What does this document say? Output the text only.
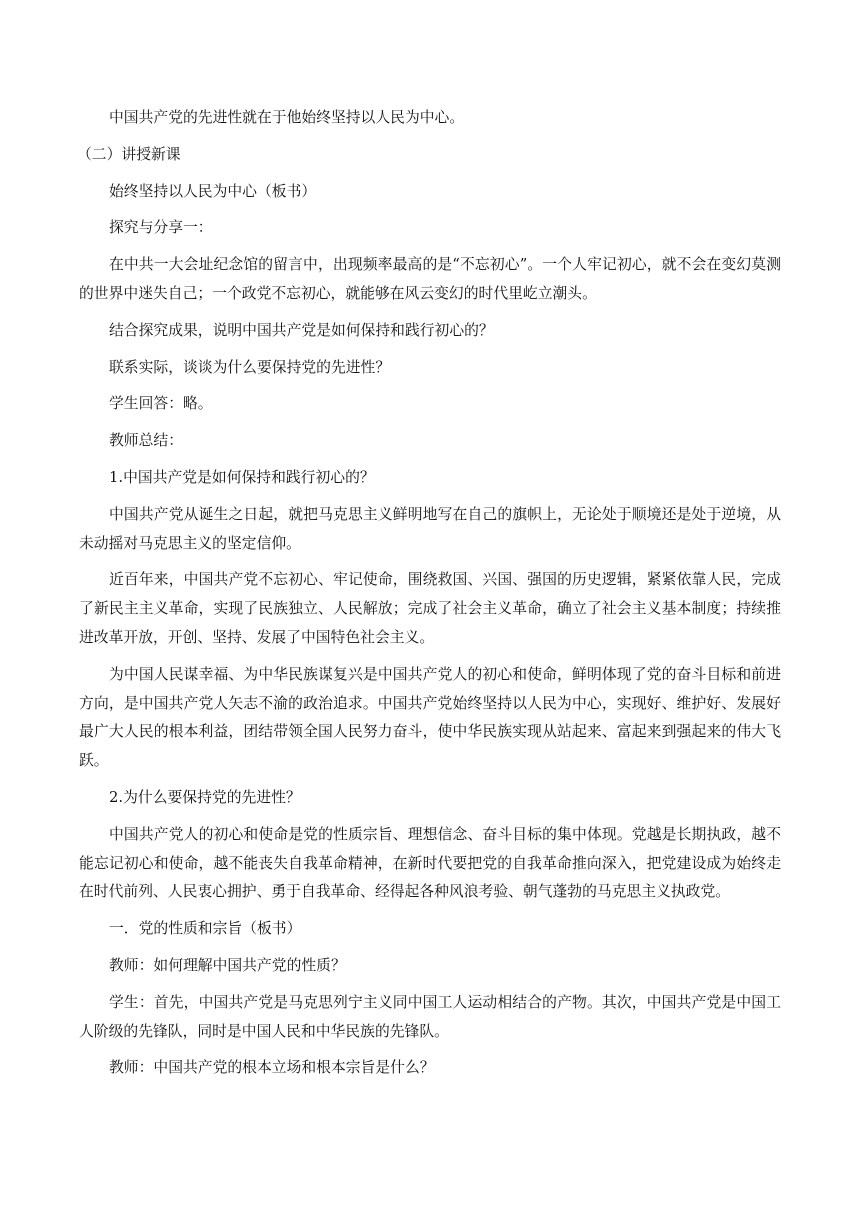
中国共产党的先进性就在于他始终坚持以人民为中心。

（二）讲授新课

始终坚持以人民为中心（板书）

探究与分享一：

在中共一大会址纪念馆的留言中，出现频率最高的是“不忘初心”。一个人牢记初心，就不会在变幻莫测的世界中迷失自己；一个政党不忘初心，就能够在风云变幻的时代里屹立潮头。

结合探究成果，说明中国共产党是如何保持和践行初心的？

联系实际，谈谈为什么要保持党的先进性？

学生回答：略。

教师总结：

1.中国共产党是如何保持和践行初心的？

中国共产党从诞生之日起，就把马克思主义鲜明地写在自己的旗帜上，无论处于顺境还是处于逆境，从未动摇对马克思主义的坚定信仰。

近百年来，中国共产党不忘初心、牢记使命，围绕救国、兴国、强国的历史逻辑，紧紧依靠人民，完成了新民主主义革命，实现了民族独立、人民解放；完成了社会主义革命，确立了社会主义基本制度；持续推进改革开放，开创、坚持、发展了中国特色社会主义。

为中国人民谋幸福、为中华民族谋复兴是中国共产党人的初心和使命，鲜明体现了党的奋斗目标和前进方向，是中国共产党人矢志不渝的政治追求。中国共产党始终坚持以人民为中心，实现好、维护好、发展好最广大人民的根本利益，团结带领全国人民努力奋斗，使中华民族实现从站起来、富起来到强起来的伟大飞跃。

2.为什么要保持党的先进性？

中国共产党人的初心和使命是党的性质宗旨、理想信念、奋斗目标的集中体现。党越是长期执政，越不能忘记初心和使命，越不能丧失自我革命精神，在新时代要把党的自我革命推向深入，把党建设成为始终走在时代前列、人民衷心拥护、勇于自我革命、经得起各种风浪考验、朝气蓬勃的马克思主义执政党。

一．党的性质和宗旨（板书）

教师：如何理解中国共产党的性质？

学生：首先，中国共产党是马克思列宁主义同中国工人运动相结合的产物。其次，中国共产党是中国工人阶级的先锋队，同时是中国人民和中华民族的先锋队。

教师：中国共产党的根本立场和根本宗旨是什么？
